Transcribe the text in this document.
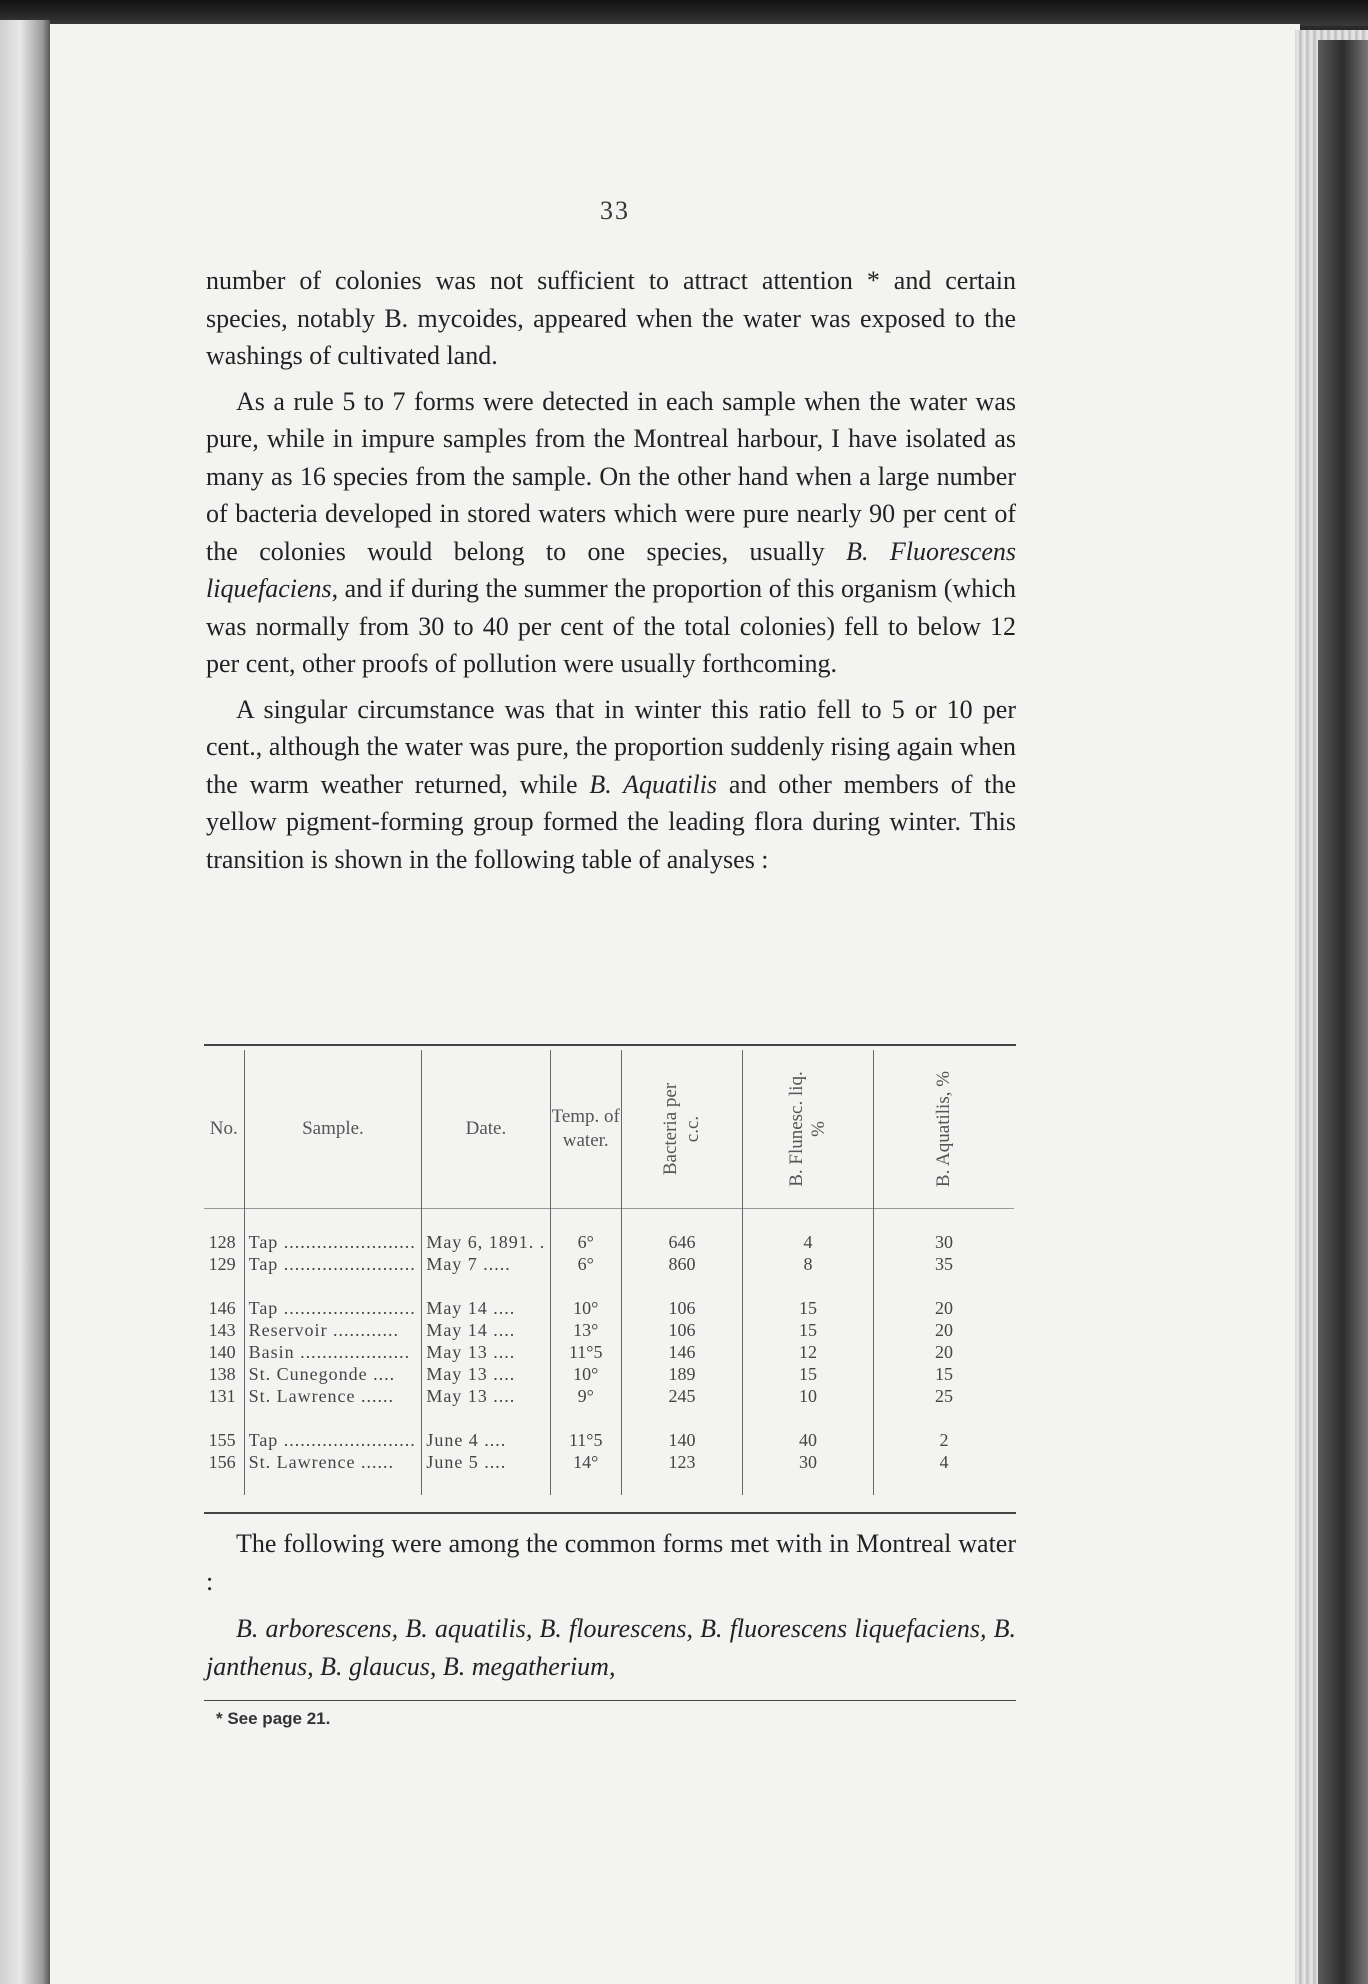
33

number of colonies was not sufficient to attract attention * and certain species, notably B. mycoides, appeared when the water was exposed to the washings of cultivated land.

As a rule 5 to 7 forms were detected in each sample when the water was pure, while in impure samples from the Montreal harbour, I have isolated as many as 16 species from the sample. On the other hand when a large number of bacteria developed in stored waters which were pure nearly 90 per cent of the colonies would belong to one species, usually B. Fluorescens liquefaciens, and if during the summer the proportion of this organism (which was normally from 30 to 40 per cent of the total colonies) fell to below 12 per cent, other proofs of pollution were usually forthcoming.

A singular circumstance was that in winter this ratio fell to 5 or 10 per cent., although the water was pure, the proportion suddenly rising again when the warm weather returned, while B. Aquatilis and other members of the yellow pigment-forming group formed the leading flora during winter. This transition is shown in the following table of analyses :

No.	Sample.	Date.	Temp. of water.	Bacteria per c.c.	B. Flunesc. liq. %	B. Aquatilis, %

128	Tap ........................	May 6, 1891. .	6°	646	4	30
129	Tap ........................	May 7 .....	6°	860	8	35

146	Tap ........................	May 14 ....	10°	106	15	20
143	Reservoir ............	May 14 ....	13°	106	15	20
140	Basin ....................	May 13 ....	11°5	146	12	20
138	St. Cunegonde ....	May 13 ....	10°	189	15	15
131	St. Lawrence ......	May 13 ....	9°	245	10	25

155	Tap ........................	June 4 ....	11°5	140	40	2
156	St. Lawrence ......	June 5 ....	14°	123	30	4

The following were among the common forms met with in Montreal water :

B. arborescens, B. aquatilis, B. flourescens, B. fluorescens liquefaciens, B. janthenus, B. glaucus, B. megatherium,

* See page 21.
